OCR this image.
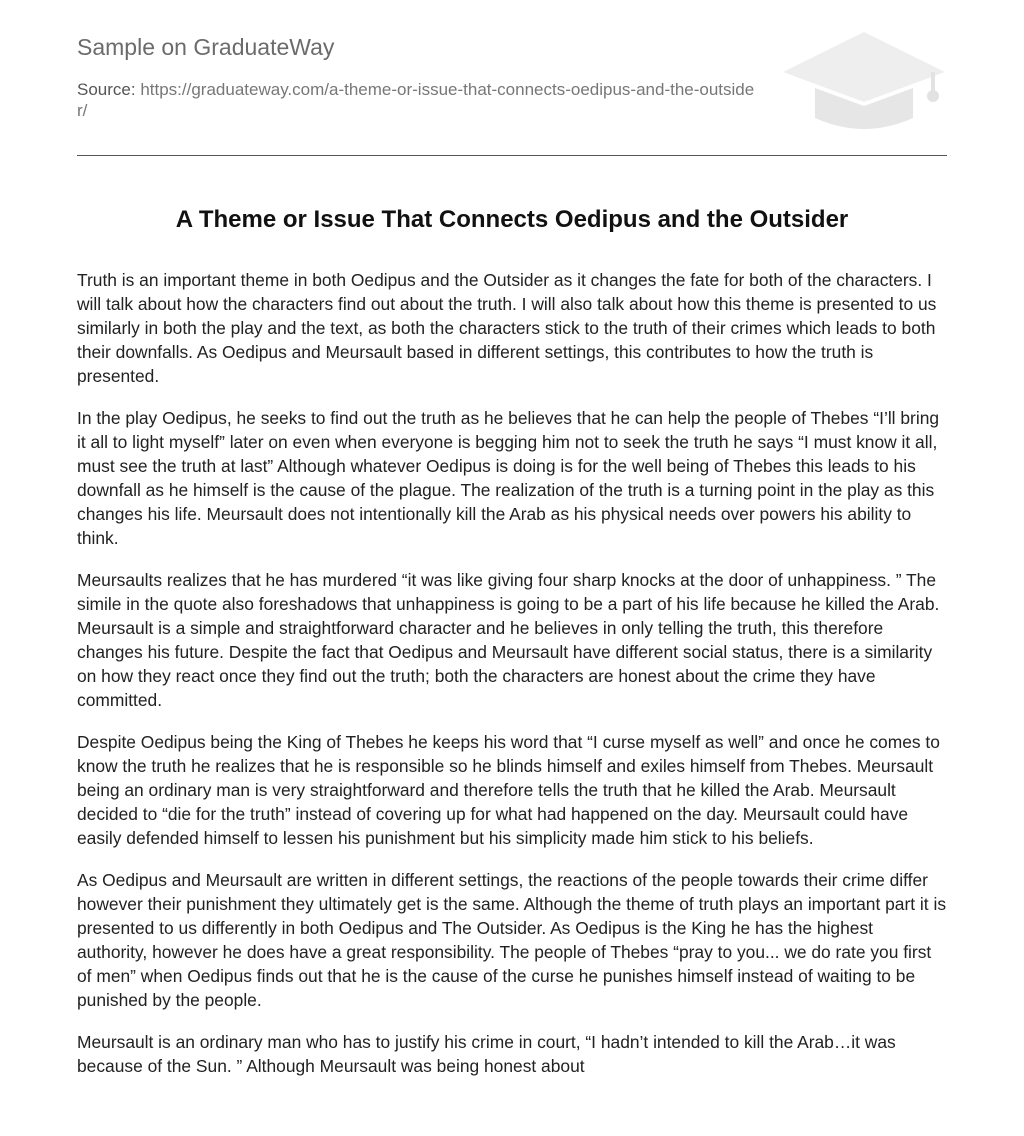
Sample on GraduateWay
Source: https://graduateway.com/a-theme-or-issue-that-connects-oedipus-and-the-outsider/
A Theme or Issue That Connects Oedipus and the Outsider

Truth is an important theme in both Oedipus and the Outsider as it changes the fate for both of the characters. I will talk about how the characters find out about the truth. I will also talk about how this theme is presented to us similarly in both the play and the text, as both the characters stick to the truth of their crimes which leads to both their downfalls. As Oedipus and Meursault based in different settings, this contributes to how the truth is presented.

In the play Oedipus, he seeks to find out the truth as he believes that he can help the people of Thebes “I’ll bring it all to light myself” later on even when everyone is begging him not to seek the truth he says “I must know it all, must see the truth at last” Although whatever Oedipus is doing is for the well being of Thebes this leads to his downfall as he himself is the cause of the plague. The realization of the truth is a turning point in the play as this changes his life. Meursault does not intentionally kill the Arab as his physical needs over powers his ability to think.

Meursaults realizes that he has murdered “it was like giving four sharp knocks at the door of unhappiness. ” The simile in the quote also foreshadows that unhappiness is going to be a part of his life because he killed the Arab. Meursault is a simple and straightforward character and he believes in only telling the truth, this therefore changes his future. Despite the fact that Oedipus and Meursault have different social status, there is a similarity on how they react once they find out the truth; both the characters are honest about the crime they have committed.

Despite Oedipus being the King of Thebes he keeps his word that “I curse myself as well” and once he comes to know the truth he realizes that he is responsible so he blinds himself and exiles himself from Thebes. Meursault being an ordinary man is very straightforward and therefore tells the truth that he killed the Arab. Meursault decided to “die for the truth” instead of covering up for what had happened on the day. Meursault could have easily defended himself to lessen his punishment but his simplicity made him stick to his beliefs.

As Oedipus and Meursault are written in different settings, the reactions of the people towards their crime differ however their punishment they ultimately get is the same. Although the theme of truth plays an important part it is presented to us differently in both Oedipus and The Outsider. As Oedipus is the King he has the highest authority, however he does have a great responsibility. The people of Thebes “pray to you... we do rate you first of men” when Oedipus finds out that he is the cause of the curse he punishes himself instead of waiting to be punished by the people.

Meursault is an ordinary man who has to justify his crime in court, “I hadn’t intended to kill the Arab…it was because of the Sun. ” Although Meursault was being honest about
